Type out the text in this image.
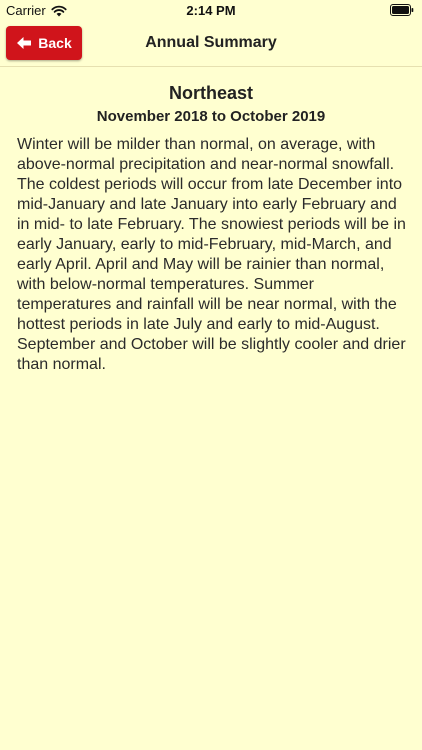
Carrier	2:14 PM
Back	Annual Summary
Northeast
November 2018 to October 2019
Winter will be milder than normal, on average, with above-normal precipitation and near-normal snowfall. The coldest periods will occur from late December into mid-January and late January into early February and in mid- to late February. The snowiest periods will be in early January, early to mid-February, mid-March, and early April. April and May will be rainier than normal, with below-normal temperatures. Summer temperatures and rainfall will be near normal, with the hottest periods in late July and early to mid-August. September and October will be slightly cooler and drier than normal.
